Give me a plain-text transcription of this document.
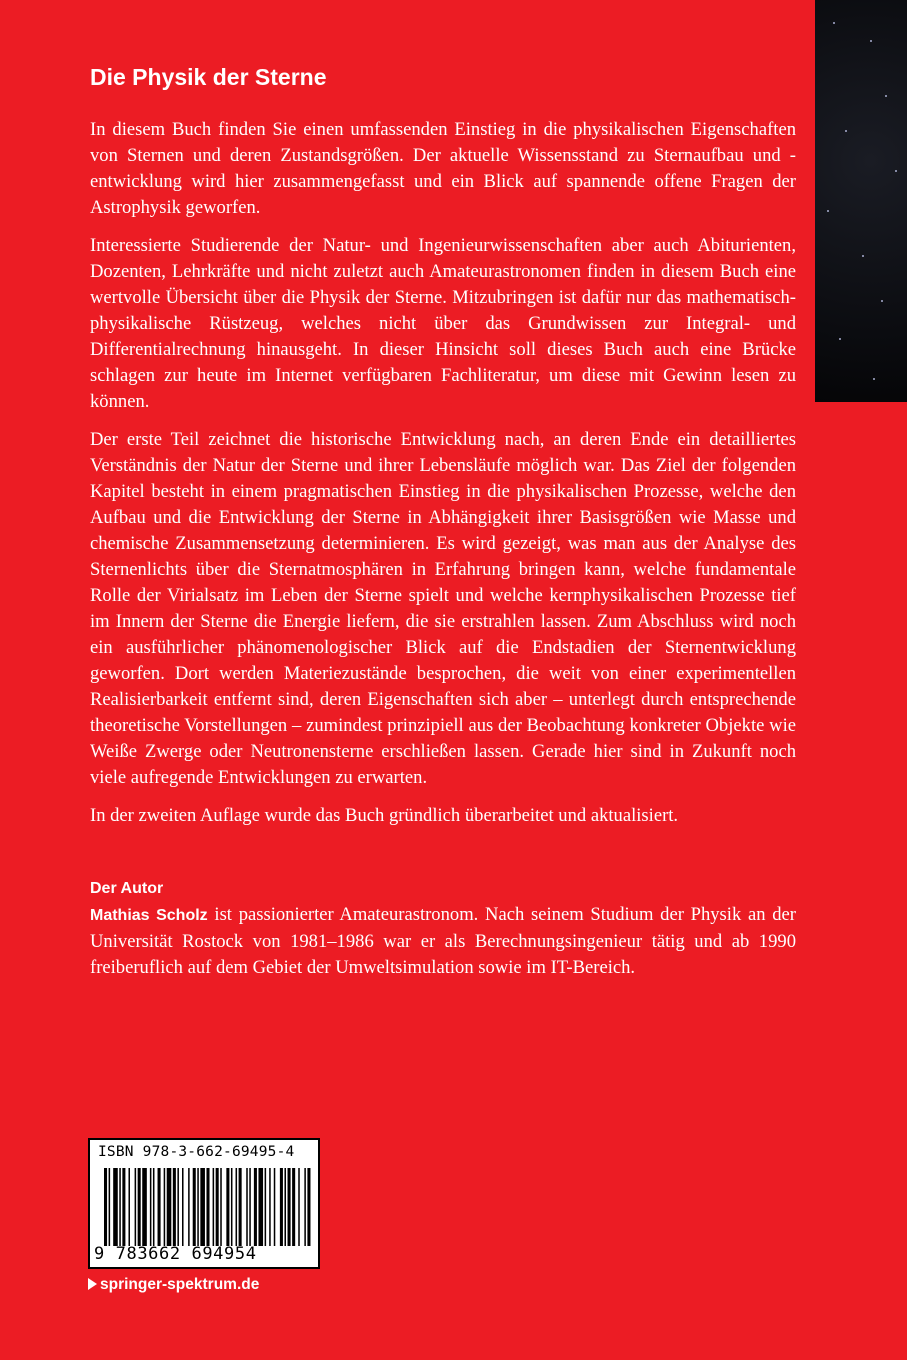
Die Physik der Sterne

In diesem Buch finden Sie einen umfassenden Einstieg in die physikalischen Eigenschaften von Sternen und deren Zustandsgrößen. Der aktuelle Wissensstand zu Sternaufbau und -entwicklung wird hier zusammengefasst und ein Blick auf spannende offene Fragen der Astrophysik geworfen.

Interessierte Studierende der Natur- und Ingenieurwissenschaften aber auch Abiturienten, Dozenten, Lehrkräfte und nicht zuletzt auch Amateurastronomen finden in diesem Buch eine wertvolle Übersicht über die Physik der Sterne. Mitzubringen ist dafür nur das mathematisch-physikalische Rüstzeug, welches nicht über das Grundwissen zur Integral- und Differentialrechnung hinausgeht. In dieser Hinsicht soll dieses Buch auch eine Brücke schlagen zur heute im Internet verfügbaren Fachliteratur, um diese mit Gewinn lesen zu können.

Der erste Teil zeichnet die historische Entwicklung nach, an deren Ende ein detailliertes Verständnis der Natur der Sterne und ihrer Lebensläufe möglich war. Das Ziel der folgenden Kapitel besteht in einem pragmatischen Einstieg in die physikalischen Prozesse, welche den Aufbau und die Entwicklung der Sterne in Abhängigkeit ihrer Basisgrößen wie Masse und chemische Zusammensetzung determinieren. Es wird gezeigt, was man aus der Analyse des Sternenlichts über die Sternatmosphären in Erfahrung bringen kann, welche fundamentale Rolle der Virialsatz im Leben der Sterne spielt und welche kernphysikalischen Prozesse tief im Innern der Sterne die Energie liefern, die sie erstrahlen lassen. Zum Abschluss wird noch ein ausführlicher phänomenologischer Blick auf die Endstadien der Sternentwicklung geworfen. Dort werden Materiezustände besprochen, die weit von einer experimentellen Realisierbarkeit entfernt sind, deren Eigenschaften sich aber – unterlegt durch entsprechende theoretische Vorstellungen – zumindest prinzipiell aus der Beobachtung konkreter Objekte wie Weiße Zwerge oder Neutronensterne erschließen lassen. Gerade hier sind in Zukunft noch viele aufregende Entwicklungen zu erwarten.

In der zweiten Auflage wurde das Buch gründlich überarbeitet und aktualisiert.

Der Autor

Mathias Scholz ist passionierter Amateurastronom. Nach seinem Studium der Physik an der Universität Rostock von 1981–1986 war er als Berechnungsingenieur tätig und ab 1990 freiberuflich auf dem Gebiet der Umweltsimulation sowie im IT-Bereich.

ISBN 978-3-662-69495-4
9 783662 694954
springer-spektrum.de
